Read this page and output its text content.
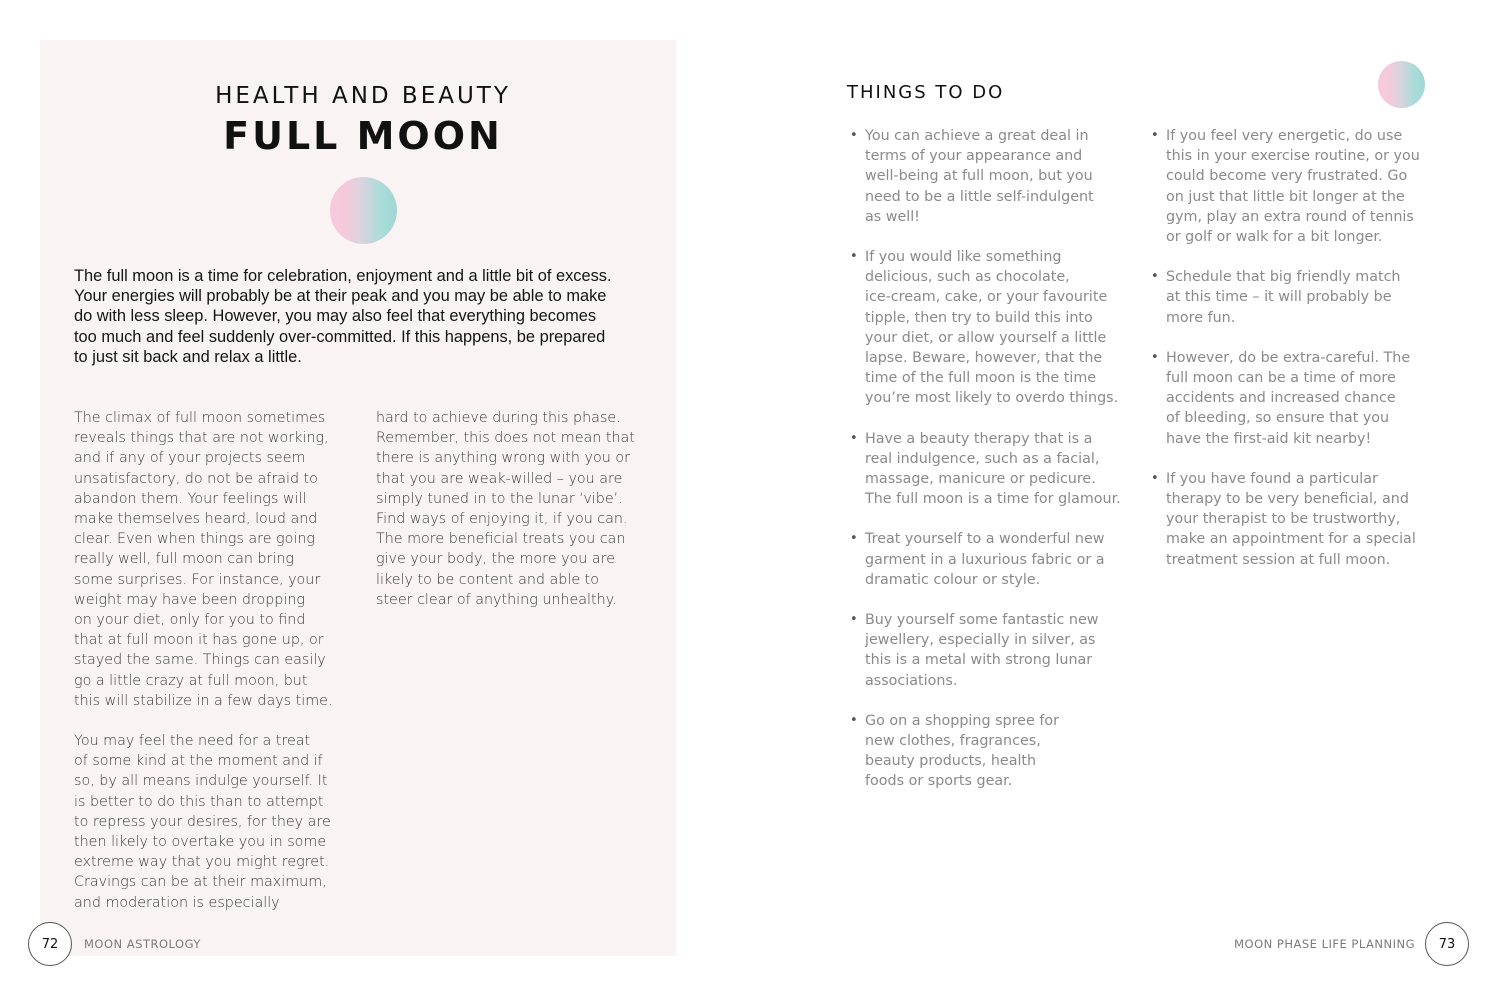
HEALTH AND BEAUTY
FULL MOON

The full moon is a time for celebration, enjoyment and a little bit of excess.
Your energies will probably be at their peak and you may be able to make
do with less sleep. However, you may also feel that everything becomes
too much and feel suddenly over-committed. If this happens, be prepared
to just sit back and relax a little.

The climax of full moon sometimes
reveals things that are not working,
and if any of your projects seem
unsatisfactory, do not be afraid to
abandon them. Your feelings will
make themselves heard, loud and
clear. Even when things are going
really well, full moon can bring
some surprises. For instance, your
weight may have been dropping
on your diet, only for you to find
that at full moon it has gone up, or
stayed the same. Things can easily
go a little crazy at full moon, but
this will stabilize in a few days time.

You may feel the need for a treat
of some kind at the moment and if
so, by all means indulge yourself. It
is better to do this than to attempt
to repress your desires, for they are
then likely to overtake you in some
extreme way that you might regret.
Cravings can be at their maximum,
and moderation is especially

hard to achieve during this phase.
Remember, this does not mean that
there is anything wrong with you or
that you are weak-willed – you are
simply tuned in to the lunar ‘vibe’.
Find ways of enjoying it, if you can.
The more beneficial treats you can
give your body, the more you are
likely to be content and able to
steer clear of anything unhealthy.

72 MOON ASTROLOGY
THINGS TO DO
• You can achieve a great deal in
terms of your appearance and
well-being at full moon, but you
need to be a little self-indulgent
as well!
• If you would like something
delicious, such as chocolate,
ice-cream, cake, or your favourite
tipple, then try to build this into
your diet, or allow yourself a little
lapse. Beware, however, that the
time of the full moon is the time
you’re most likely to overdo things.
• Have a beauty therapy that is a
real indulgence, such as a facial,
massage, manicure or pedicure.
The full moon is a time for glamour.
• Treat yourself to a wonderful new
garment in a luxurious fabric or a
dramatic colour or style.
• Buy yourself some fantastic new
jewellery, especially in silver, as
this is a metal with strong lunar
associations.
• Go on a shopping spree for
new clothes, fragrances,
beauty products, health
foods or sports gear.
• If you feel very energetic, do use
this in your exercise routine, or you
could become very frustrated. Go
on just that little bit longer at the
gym, play an extra round of tennis
or golf or walk for a bit longer.
• Schedule that big friendly match
at this time – it will probably be
more fun.
• However, do be extra-careful. The
full moon can be a time of more
accidents and increased chance
of bleeding, so ensure that you
have the first-aid kit nearby!
• If you have found a particular
therapy to be very beneficial, and
your therapist to be trustworthy,
make an appointment for a special
treatment session at full moon.
MOON PHASE LIFE PLANNING 73
